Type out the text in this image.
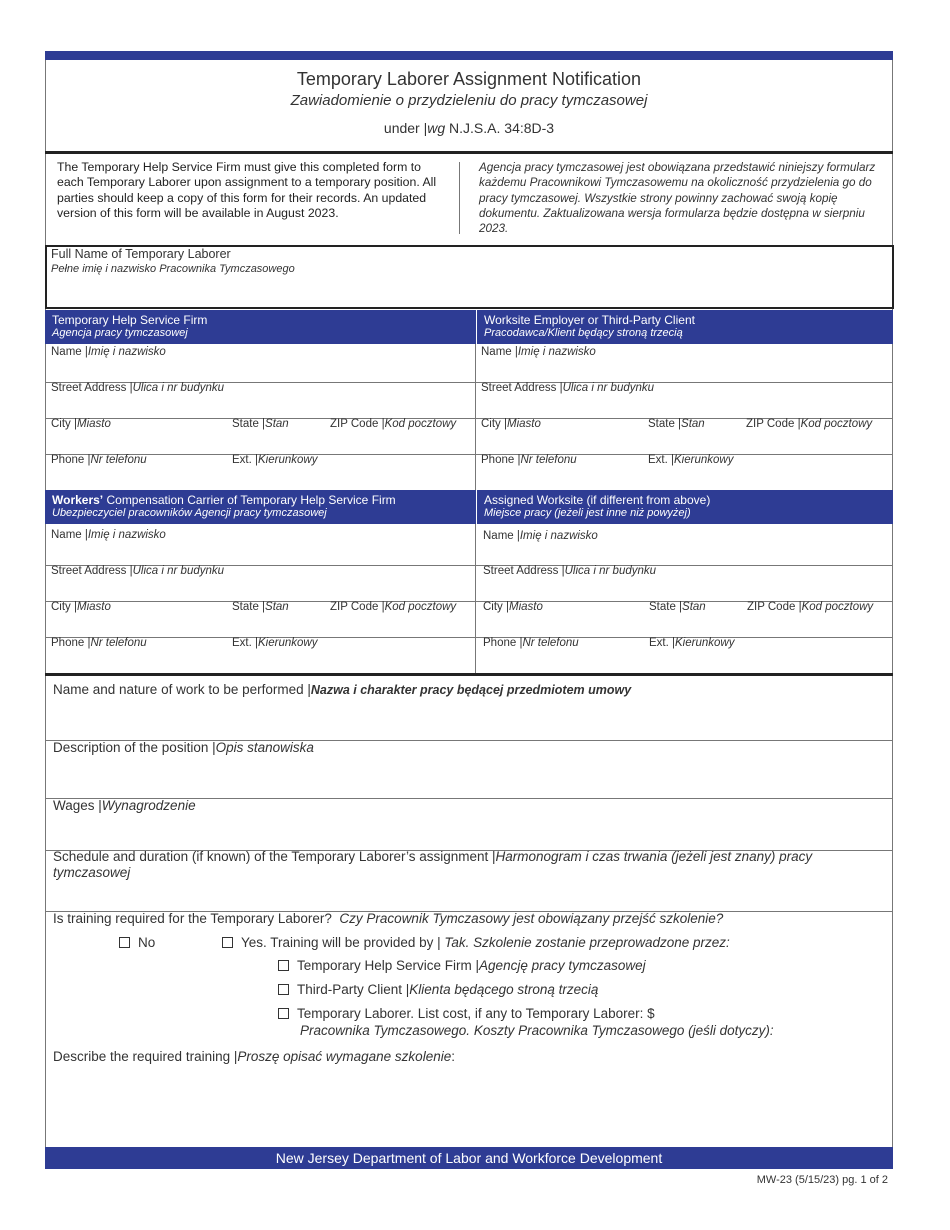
Temporary Laborer Assignment Notification
Zawiadomienie o przydzieleniu do pracy tymczasowej
under |wg N.J.S.A. 34:8D-3
The Temporary Help Service Firm must give this completed form to each Temporary Laborer upon assignment to a temporary position. All parties should keep a copy of this form for their records. An updated version of this form will be available in August 2023.
Agencja pracy tymczasowej jest obowiązana przedstawić niniejszy formularz każdemu Pracownikowi Tymczasowemu na okoliczność przydzielenia go do pracy tymczasowej. Wszystkie strony powinny zachować swoją kopię dokumentu. Zaktualizowana wersja formularza będzie dostępna w sierpniu 2023.
Full Name of Temporary Laborer
Pełne imię i nazwisko Pracownika Tymczasowego
Temporary Help Service Firm
Agencja pracy tymczasowej
Worksite Employer or Third-Party Client
Pracodawca/Klient będący stroną trzecią
Name |Imię i nazwisko
Street Address |Ulica i nr budynku
City |Miasto	State |Stan	ZIP Code |Kod pocztowy
Phone |Nr telefonu	Ext. |Kierunkowy
Name |Imię i nazwisko
Street Address |Ulica i nr budynku
City |Miasto	State |Stan	ZIP Code |Kod pocztowy
Phone |Nr telefonu	Ext. |Kierunkowy
Workers’ Compensation Carrier of Temporary Help Service Firm
Ubezpieczyciel pracowników Agencji pracy tymczasowej
Assigned Worksite (if different from above)
Miejsce pracy (jeżeli jest inne niż powyżej)
Name |Imię i nazwisko
Street Address |Ulica i nr budynku
City |Miasto	State |Stan	ZIP Code |Kod pocztowy
Phone |Nr telefonu	Ext. |Kierunkowy
Name |Imię i nazwisko
Street Address |Ulica i nr budynku
City |Miasto	State |Stan	ZIP Code |Kod pocztowy
Phone |Nr telefonu	Ext. |Kierunkowy
Name and nature of work to be performed |Nazwa i charakter pracy będącej przedmiotem umowy
Description of the position |Opis stanowiska
Wages |Wynagrodzenie
Schedule and duration (if known) of the Temporary Laborer’s assignment |Harmonogram i czas trwania (jeżeli jest znany) pracy tymczasowej
Is training required for the Temporary Laborer? Czy Pracownik Tymczasowy jest obowiązany przejść szkolenie?
No	Yes. Training will be provided by | Tak. Szkolenie zostanie przeprowadzone przez:
Temporary Help Service Firm |Agencję pracy tymczasowej
Third-Party Client |Klienta będącego stroną trzecią
Temporary Laborer. List cost, if any to Temporary Laborer: $
Pracownika Tymczasowego. Koszty Pracownika Tymczasowego (jeśli dotyczy):
Describe the required training |Proszę opisać wymagane szkolenie:
New Jersey Department of Labor and Workforce Development
MW-23 (5/15/23) pg. 1 of 2
